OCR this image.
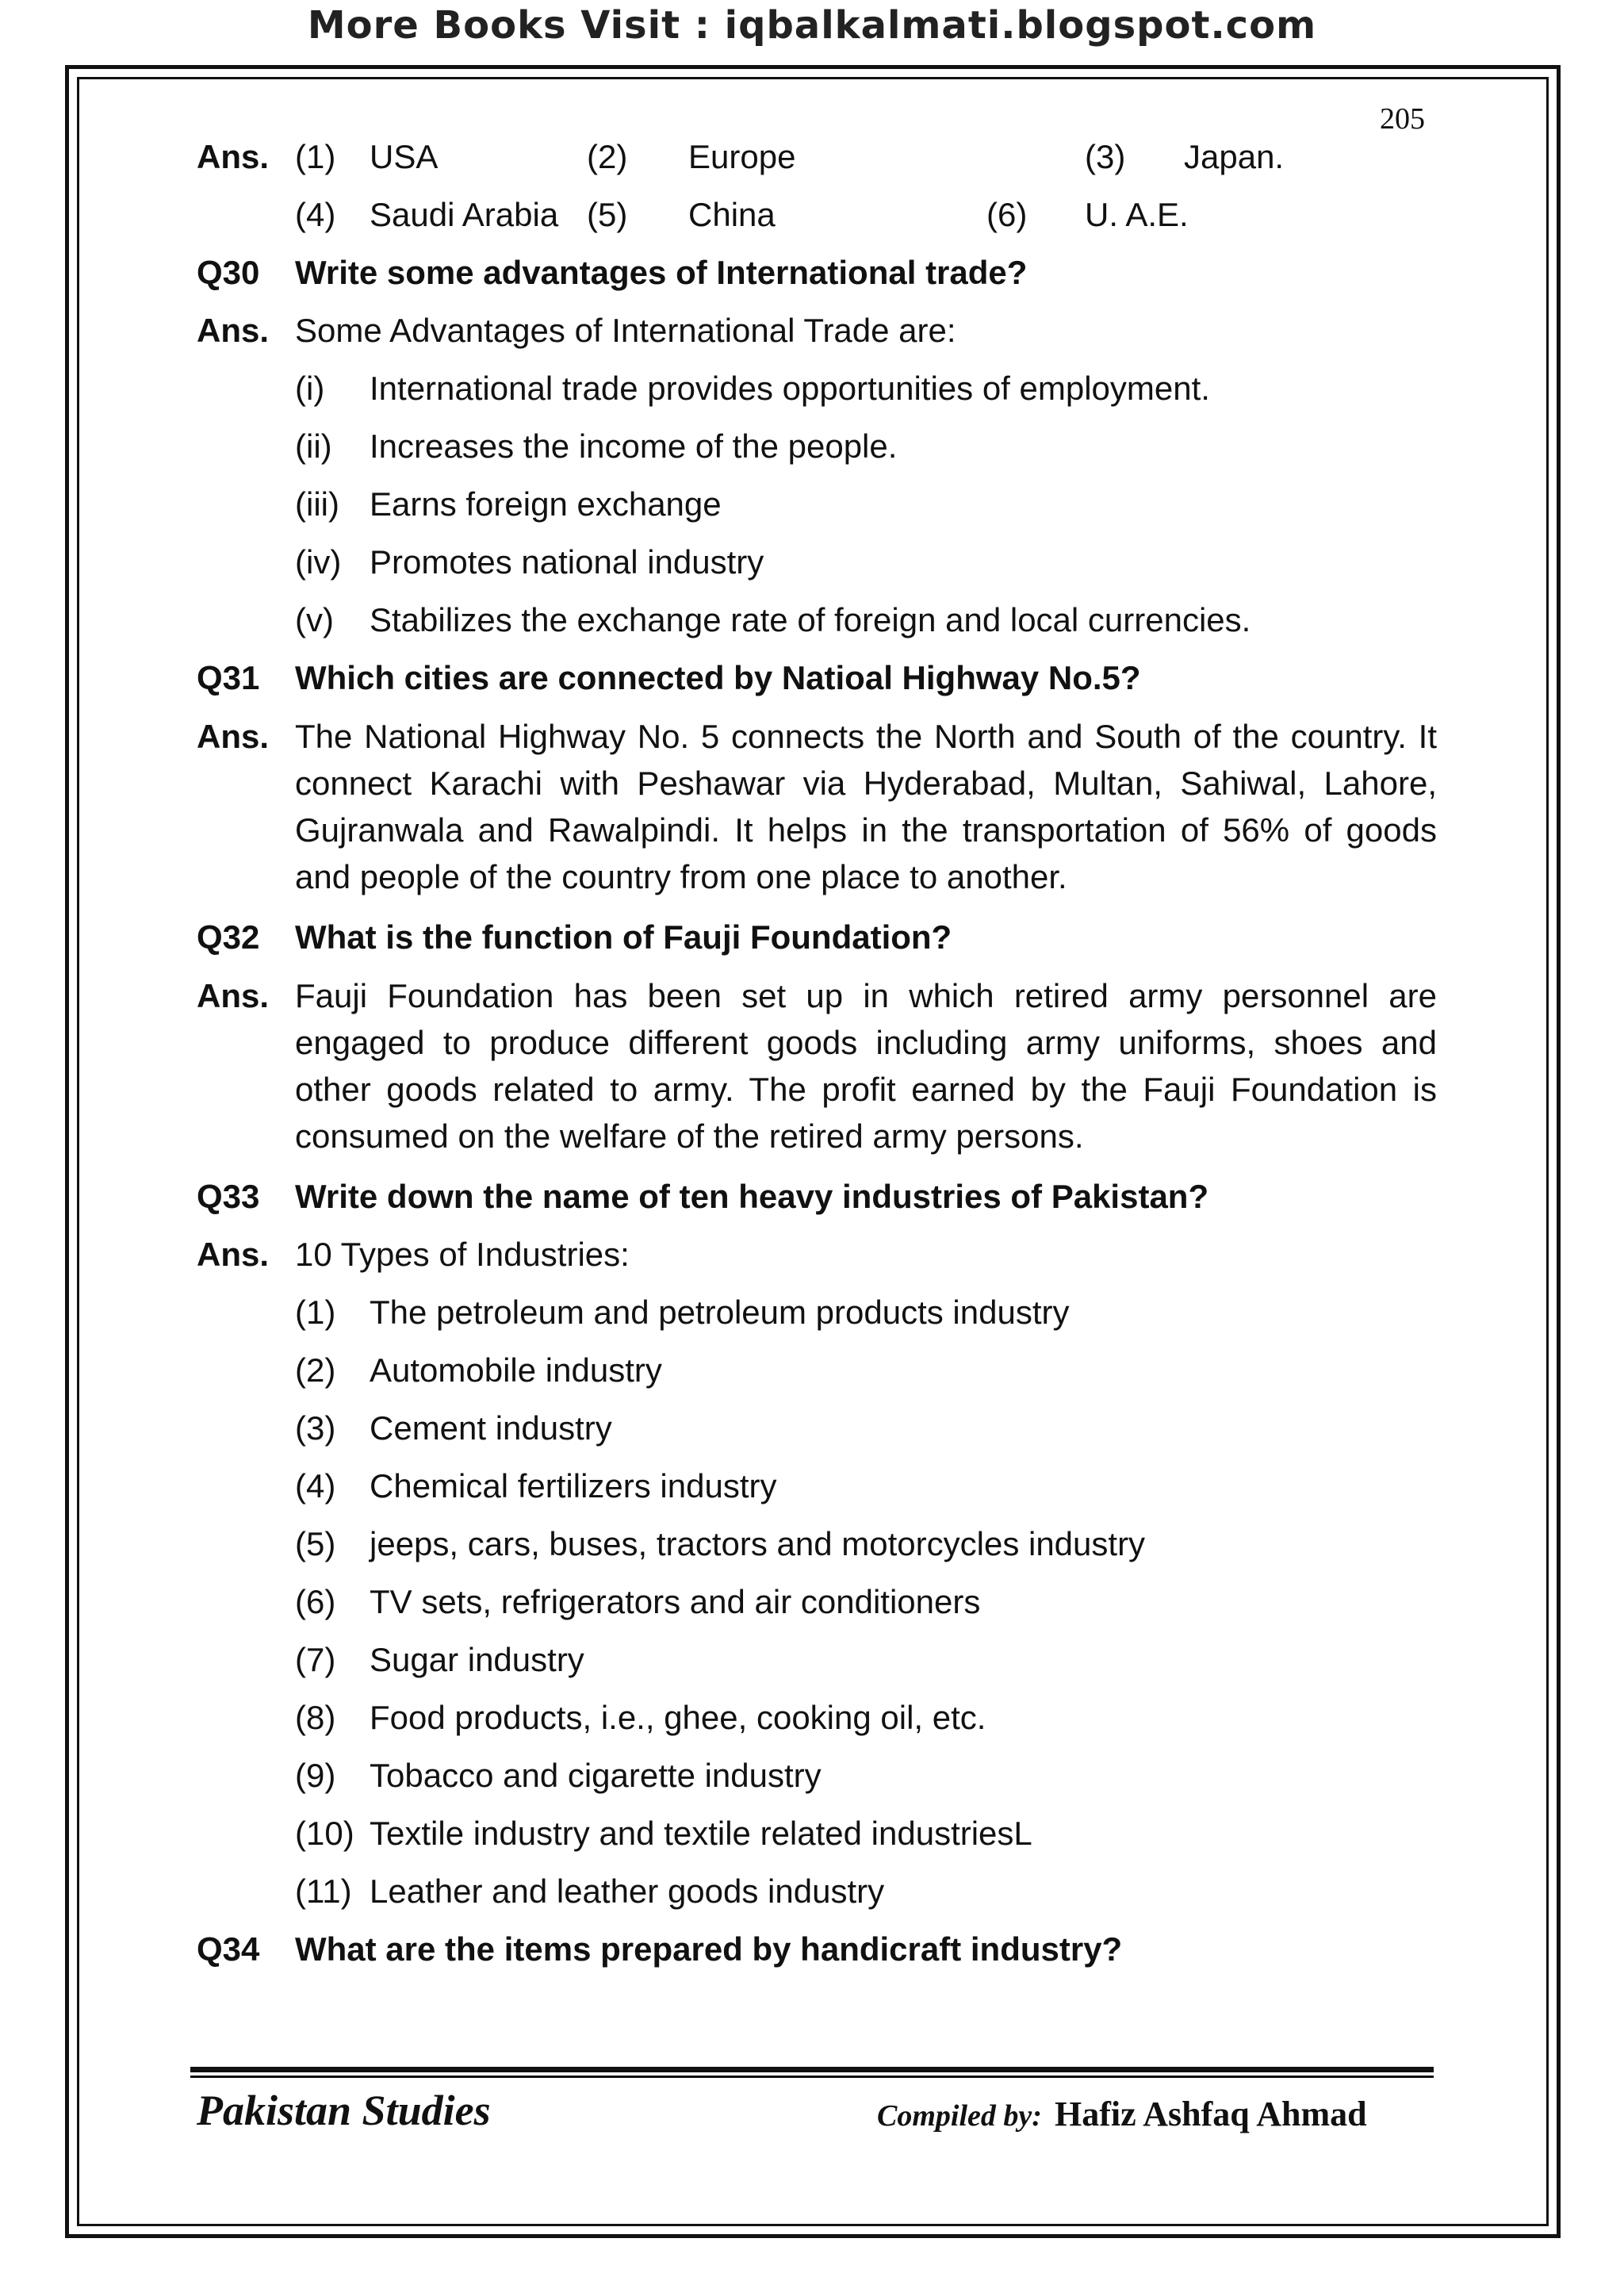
More Books Visit : iqbalkalmati.blogspot.com
205
Ans. (1) USA	(2) Europe	(3) Japan.
(4) Saudi Arabia (5) China	(6) U. A.E.
Q30 Write some advantages of International trade?
Ans. Some Advantages of International Trade are:
(i) International trade provides opportunities of employment.
(ii) Increases the income of the people.
(iii) Earns foreign exchange
(iv) Promotes national industry
(v) Stabilizes the exchange rate of foreign and local currencies.
Q31 Which cities are connected by Natioal Highway No.5?
Ans. The National Highway No. 5 connects the North and South of the country. It connect Karachi with Peshawar via Hyderabad, Multan, Sahiwal, Lahore, Gujranwala and Rawalpindi. It helps in the transportation of 56% of goods and people of the country from one place to another.
Q32 What is the function of Fauji Foundation?
Ans. Fauji Foundation has been set up in which retired army personnel are engaged to produce different goods including army uniforms, shoes and other goods related to army. The profit earned by the Fauji Foundation is consumed on the welfare of the retired army persons.
Q33 Write down the name of ten heavy industries of Pakistan?
Ans. 10 Types of Industries:
(1) The petroleum and petroleum products industry
(2) Automobile industry
(3) Cement industry
(4) Chemical fertilizers industry
(5) jeeps, cars, buses, tractors and motorcycles industry
(6) TV sets, refrigerators and air conditioners
(7) Sugar industry
(8) Food products, i.e., ghee, cooking oil, etc.
(9) Tobacco and cigarette industry
(10) Textile industry and textile related industriesL
(11) Leather and leather goods industry
Q34 What are the items prepared by handicraft industry?
Pakistan Studies	Compiled by: Hafiz Ashfaq Ahmad
